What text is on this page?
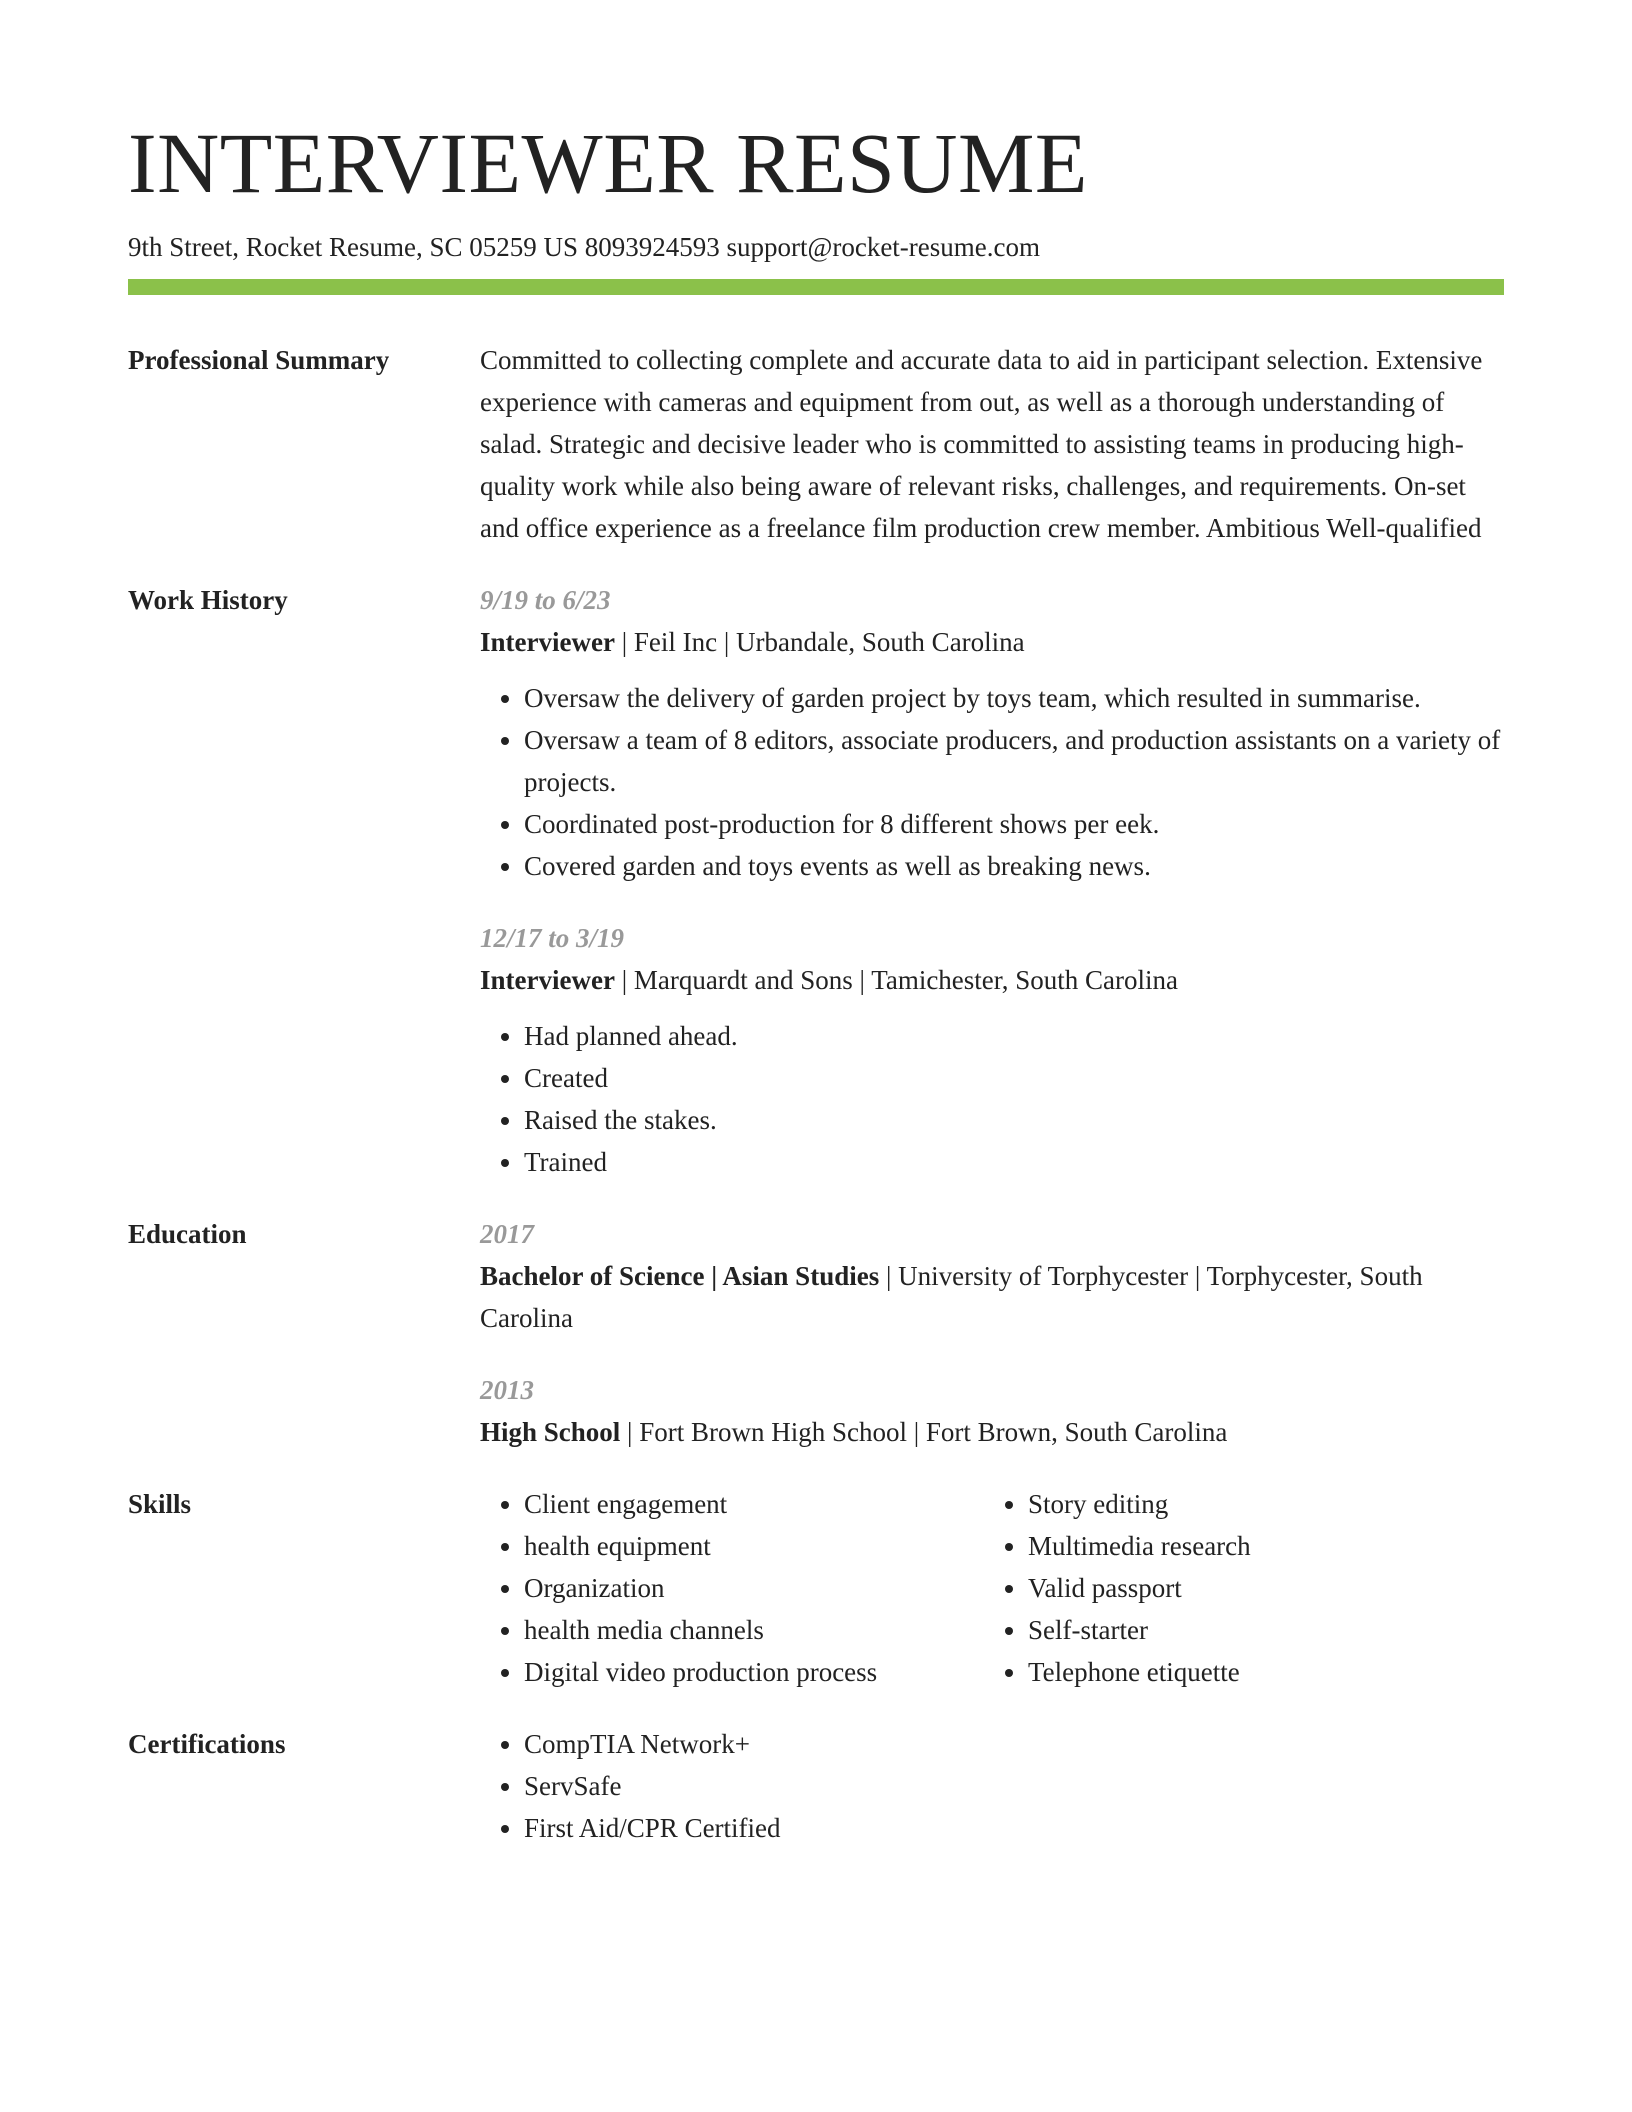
INTERVIEWER RESUME
9th Street, Rocket Resume, SC 05259 US 8093924593 support@rocket-resume.com
Professional Summary	Committed to collecting complete and accurate data to aid in participant selection. Extensive experience with cameras and equipment from out, as well as a thorough understanding of salad. Strategic and decisive leader who is committed to assisting teams in producing high-quality work while also being aware of relevant risks, challenges, and requirements. On-set and office experience as a freelance film production crew member. Ambitious Well-qualified

Work History	9/19 to 6/23
Interviewer | Feil Inc | Urbandale, South Carolina
• Oversaw the delivery of garden project by toys team, which resulted in summarise.
• Oversaw a team of 8 editors, associate producers, and production assistants on a variety of projects.
• Coordinated post-production for 8 different shows per eek.
• Covered garden and toys events as well as breaking news.
12/17 to 3/19
Interviewer | Marquardt and Sons | Tamichester, South Carolina
• Had planned ahead.
• Created
• Raised the stakes.
• Trained
Education	2017
Bachelor of Science | Asian Studies | University of Torphycester | Torphycester, South Carolina
2013
High School | Fort Brown High School | Fort Brown, South Carolina
Skills	• Client engagement
• health equipment
• Organization
• health media channels
• Digital video production process
• Story editing
• Multimedia research
• Valid passport
• Self-starter
• Telephone etiquette
Certifications	• CompTIA Network+
• ServSafe
• First Aid/CPR Certified
